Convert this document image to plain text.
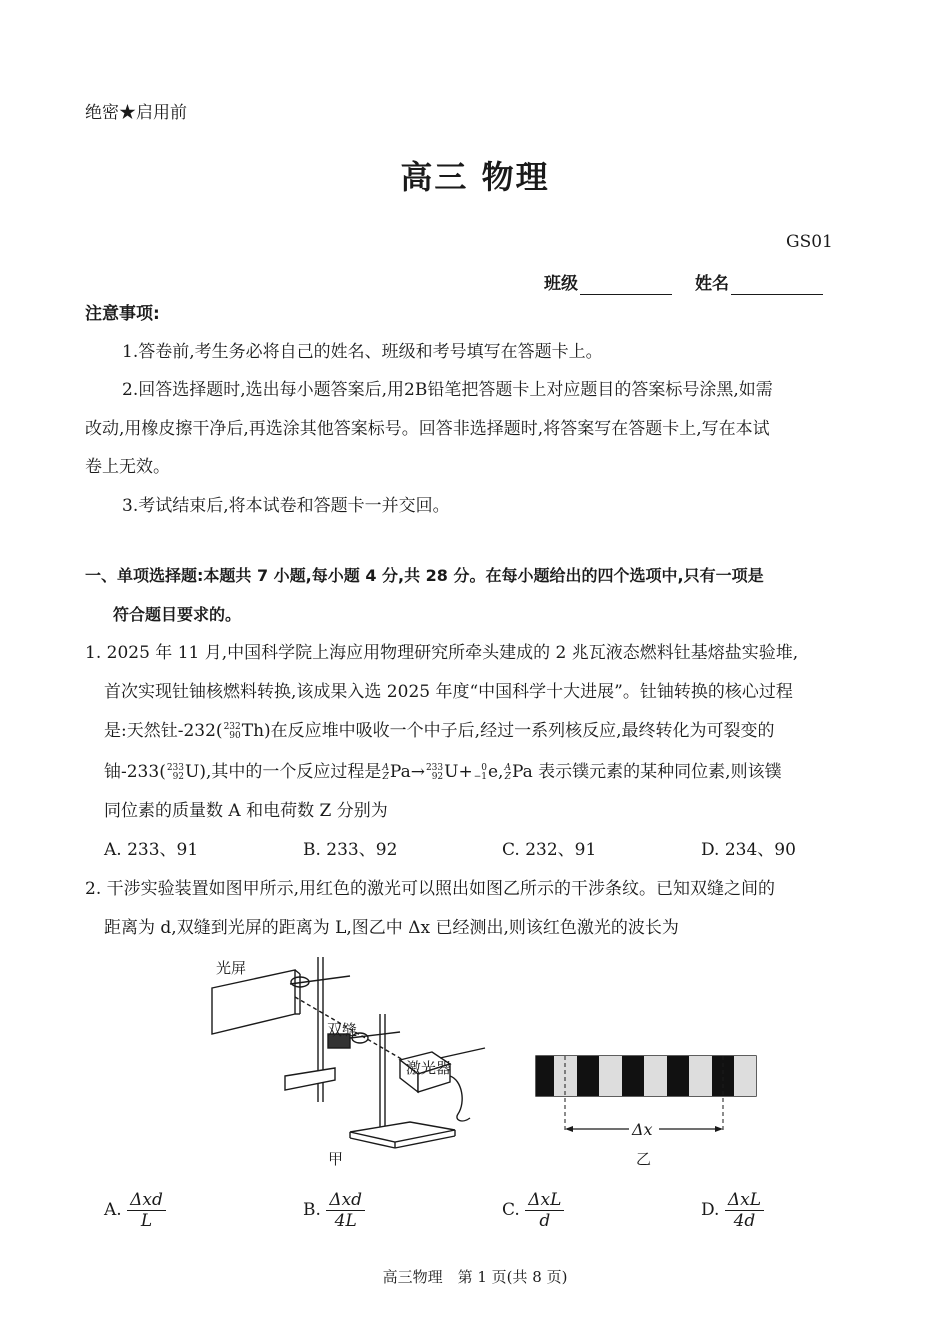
绝密★启用前
高三 物理
GS01
班级	姓名
注意事项:
1.答卷前,考生务必将自己的姓名、班级和考号填写在答题卡上。
2.回答选择题时,选出每小题答案后,用2B铅笔把答题卡上对应题目的答案标号涂黑,如需
改动,用橡皮擦干净后,再选涂其他答案标号。回答非选择题时,将答案写在答题卡上,写在本试
卷上无效。
3.考试结束后,将本试卷和答题卡一并交回。
一、单项选择题:本题共 7 小题,每小题 4 分,共 28 分。在每小题给出的四个选项中,只有一项是
符合题目要求的。
1. 2025 年 11 月,中国科学院上海应用物理研究所牵头建成的 2 兆瓦液态燃料钍基熔盐实验堆,
首次实现钍铀核燃料转换,该成果入选 2025 年度“中国科学十大进展”。钍铀转换的核心过程
是:天然钍-232( 232
90 Th)在反应堆中吸收一个中子后,经过一系列核反应,最终转化为可裂变的
铀-233( 233
92 U),其中的一个反应过程是 A
Z Pa→ 233
92 U+ 0
−1 e, A
Z Pa 表示镤元素的某种同位素,则该镤
同位素的质量数 A 和电荷数 Z 分别为
A. 233、91	B. 233、92	C. 232、91	D. 234、90
2. 干涉实验装置如图甲所示,用红色的激光可以照出如图乙所示的干涉条纹。已知双缝之间的
距离为 d,双缝到光屏的距离为 L,图乙中 Δx 已经测出,则该红色激光的波长为
光屏
双缝
激光器
甲
Δx
乙
A. $\frac{\text{Δxd}}{L}$	B. $\frac{\text{Δxd}}{4L}$	C. $\frac{\text{ΔxL}}{d}$	D. $\frac{\text{ΔxL}}{4d}$
高三物理　第 1 页(共 8 页)
